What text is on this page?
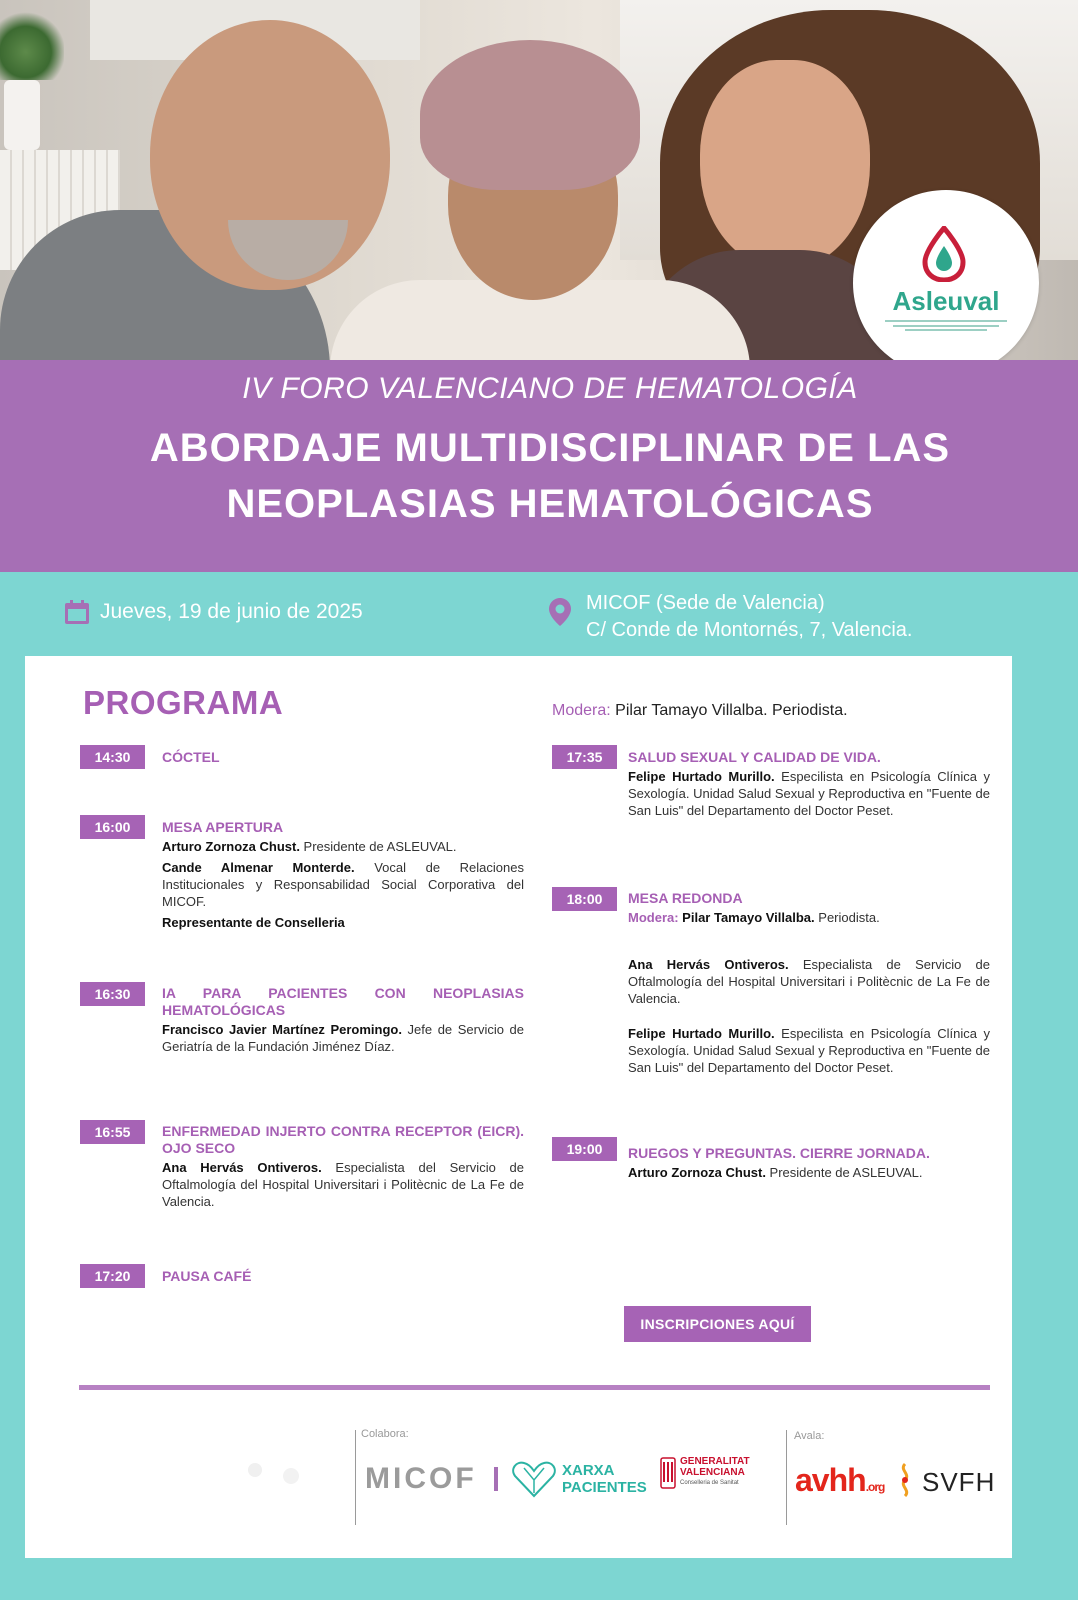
Asleuval
IV FORO VALENCIANO DE HEMATOLOGÍA
ABORDAJE MULTIDISCIPLINAR DE LAS
NEOPLASIAS HEMATOLÓGICAS
Jueves, 19 de junio de 2025	MICOF (Sede de Valencia)
C/ Conde de Montornés, 7, Valencia.
PROGRAMA	Modera: Pilar Tamayo Villalba. Periodista.
14:30	CÓCTEL
16:00	MESA APERTURA
Arturo Zornoza Chust. Presidente de ASLEUVAL.
Cande Almenar Monterde. Vocal de Relaciones Institucionales y Responsabilidad Social Corporativa del MICOF.
Representante de Conselleria
16:30	IA PARA PACIENTES CON NEOPLASIAS HEMATOLÓGICAS
Francisco Javier Martínez Peromingo. Jefe de Servicio de Geriatría de la Fundación Jiménez Díaz.
16:55	ENFERMEDAD INJERTO CONTRA RECEPTOR (EICR). OJO SECO
Ana Hervás Ontiveros. Especialista del Servicio de Oftalmología del Hospital Universitari i Politècnic de La Fe de Valencia.
17:20	PAUSA CAFÉ
17:35	SALUD SEXUAL Y CALIDAD DE VIDA.
Felipe Hurtado Murillo. Especilista en Psicología Clínica y Sexología. Unidad Salud Sexual y Reproductiva en "Fuente de San Luis" del Departamento del Doctor Peset.
18:00	MESA REDONDA
Modera: Pilar Tamayo Villalba. Periodista.
Ana Hervás Ontiveros. Especialista de Servicio de Oftalmología del Hospital Universitari i Politècnic de La Fe de Valencia.
Felipe Hurtado Murillo. Especilista en Psicología Clínica y Sexología. Unidad Salud Sexual y Reproductiva en "Fuente de San Luis" del Departamento del Doctor Peset.
19:00	RUEGOS Y PREGUNTAS. CIERRE JORNADA.
Arturo Zornoza Chust. Presidente de ASLEUVAL.
INSCRIPCIONES AQUÍ
Colabora:
MICOF	XARXA
PACIENTES
GENERALITAT
VALENCIANA
Conselleria de Sanitat
Avala:
avhh.org SVFH
